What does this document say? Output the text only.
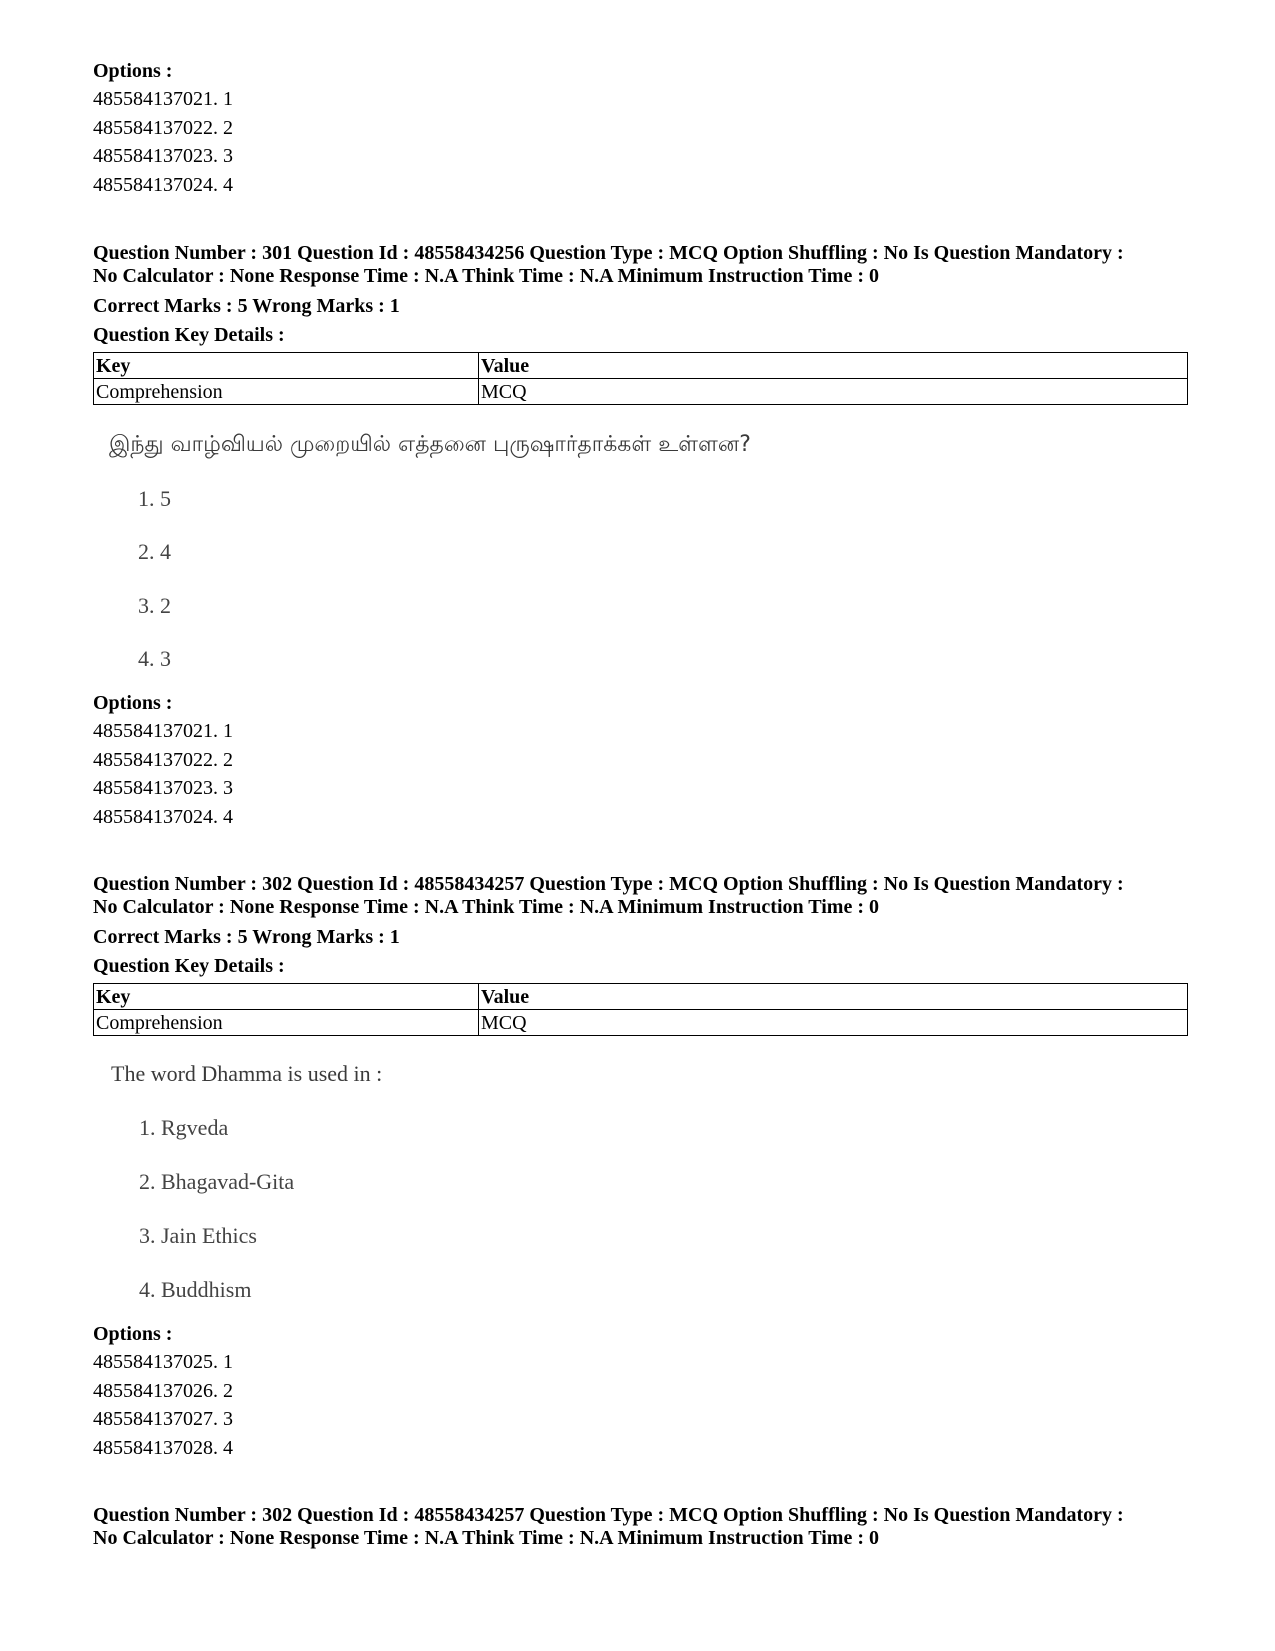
Options :
485584137021. 1
485584137022. 2
485584137023. 3
485584137024. 4
Question Number : 301 Question Id : 48558434256 Question Type : MCQ Option Shuffling : No Is Question Mandatory :
No Calculator : None Response Time : N.A Think Time : N.A Minimum Instruction Time : 0
Correct Marks : 5 Wrong Marks : 1
Question Key Details :
Key	Value
Comprehension	MCQ
இந்து வாழ்வியல் முறையில் எத்தனை புருஷார்தாக்கள் உள்ளன?
1. 5
2. 4
3. 2
4. 3
Options :
485584137021. 1
485584137022. 2
485584137023. 3
485584137024. 4
Question Number : 302 Question Id : 48558434257 Question Type : MCQ Option Shuffling : No Is Question Mandatory :
No Calculator : None Response Time : N.A Think Time : N.A Minimum Instruction Time : 0
Correct Marks : 5 Wrong Marks : 1
Question Key Details :
Key	Value
Comprehension	MCQ
The word Dhamma is used in :
1. Rgveda
2. Bhagavad-Gita
3. Jain Ethics
4. Buddhism
Options :
485584137025. 1
485584137026. 2
485584137027. 3
485584137028. 4
Question Number : 302 Question Id : 48558434257 Question Type : MCQ Option Shuffling : No Is Question Mandatory :
No Calculator : None Response Time : N.A Think Time : N.A Minimum Instruction Time : 0
